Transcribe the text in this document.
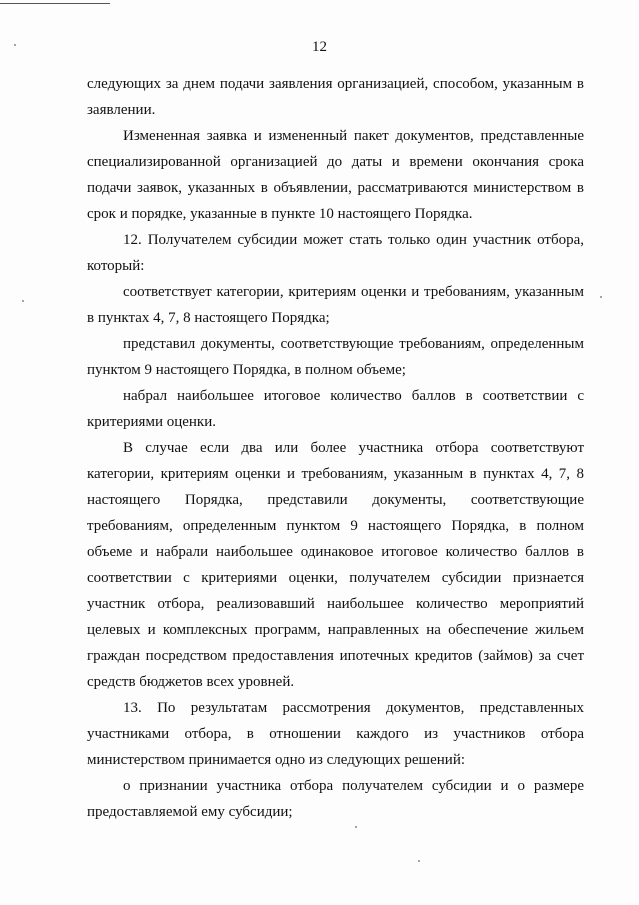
12

следующих за днем подачи заявления организацией, способом, указанным в заявлении.

Измененная заявка и измененный пакет документов, представленные специализированной организацией до даты и времени окончания срока подачи заявок, указанных в объявлении, рассматриваются министерством в срок и порядке, указанные в пункте 10 настоящего Порядка.

12. Получателем субсидии может стать только один участник отбора, который:

соответствует категории, критериям оценки и требованиям, указанным в пунктах 4, 7, 8 настоящего Порядка;

представил документы, соответствующие требованиям, определенным пунктом 9 настоящего Порядка, в полном объеме;

набрал наибольшее итоговое количество баллов в соответствии с критериями оценки.

В случае если два или более участника отбора соответствуют категории, критериям оценки и требованиям, указанным в пунктах 4, 7, 8 настоящего Порядка, представили документы, соответствующие требованиям, определенным пунктом 9 настоящего Порядка, в полном объеме и набрали наибольшее одинаковое итоговое количество баллов в соответствии с критериями оценки, получателем субсидии признается участник отбора, реализовавший наибольшее количество мероприятий целевых и комплексных программ, направленных на обеспечение жильем граждан посредством предоставления ипотечных кредитов (займов) за счет средств бюджетов всех уровней.

13. По результатам рассмотрения документов, представленных участниками отбора, в отношении каждого из участников отбора министерством принимается одно из следующих решений:

о признании участника отбора получателем субсидии и о размере предоставляемой ему субсидии;
